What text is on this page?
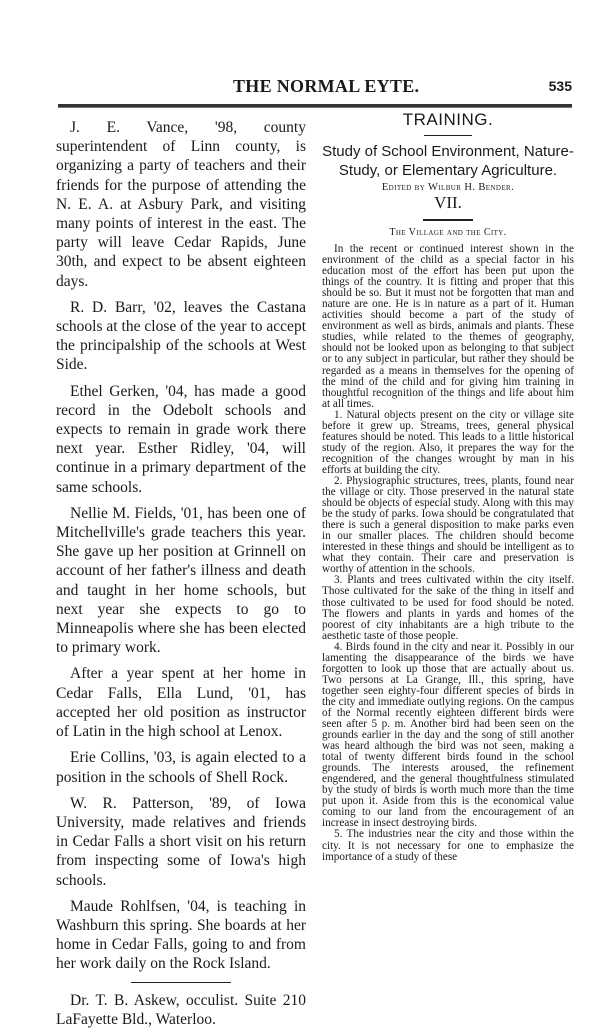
THE NORMAL EYTE.	535

J. E. Vance, '98, county superintendent of Linn county, is organizing a party of teachers and their friends for the purpose of attending the N. E. A. at Asbury Park, and visiting many points of interest in the east. The party will leave Cedar Rapids, June 30th, and expect to be absent eighteen days.

R. D. Barr, '02, leaves the Castana schools at the close of the year to accept the principalship of the schools at West Side.

Ethel Gerken, '04, has made a good record in the Odebolt schools and expects to remain in grade work there next year. Esther Ridley, '04, will continue in a primary department of the same schools.

Nellie M. Fields, '01, has been one of Mitchellville's grade teachers this year. She gave up her position at Grinnell on account of her father's illness and death and taught in her home schools, but next year she expects to go to Minneapolis where she has been elected to primary work.

After a year spent at her home in Cedar Falls, Ella Lund, '01, has accepted her old position as instructor of Latin in the high school at Lenox.

Erie Collins, '03, is again elected to a position in the schools of Shell Rock.

W. R. Patterson, '89, of Iowa University, made relatives and friends in Cedar Falls a short visit on his return from inspecting some of Iowa's high schools.

Maude Rohlfsen, '04, is teaching in Washburn this spring. She boards at her home in Cedar Falls, going to and from her work daily on the Rock Island.

Dr. T. B. Askew, occulist. Suite 210 LaFayette Bld., Waterloo.

TRAINING.
Study of School Environment, Nature-Study, or Elementary Agriculture.
Edited by Wilbur H. Bender.
VII.
The Village and the City.

In the recent or continued interest shown in the environment of the child as a special factor in his education most of the effort has been put upon the things of the country. It is fitting and proper that this should be so. But it must not be forgotten that man and nature are one. He is in nature as a part of it. Human activities should become a part of the study of environment as well as birds, animals and plants. These studies, while related to the themes of geography, should not be looked upon as belonging to that subject or to any subject in particular, but rather they should be regarded as a means in themselves for the opening of the mind of the child and for giving him training in thoughtful recognition of the things and life about him at all times.

1. Natural objects present on the city or village site before it grew up. Streams, trees, general physical features should be noted. This leads to a little historical study of the region. Also, it prepares the way for the recognition of the changes wrought by man in his efforts at building the city.

2. Physiographic structures, trees, plants, found near the village or city. Those preserved in the natural state should be objects of especial study. Along with this may be the study of parks. Iowa should be congratulated that there is such a general disposition to make parks even in our smaller places. The children should become interested in these things and should be intelligent as to what they contain. Their care and preservation is worthy of attention in the schools.

3. Plants and trees cultivated within the city itself. Those cultivated for the sake of the thing in itself and those cultivated to be used for food should be noted. The flowers and plants in yards and homes of the poorest of city inhabitants are a high tribute to the aesthetic taste of those people.

4. Birds found in the city and near it. Possibly in our lamenting the disappearance of the birds we have forgotten to look up those that are actually about us. Two persons at La Grange, Ill., this spring, have together seen eighty-four different species of birds in the city and immediate outlying regions. On the campus of the Normal recently eighteen different birds were seen after 5 p. m. Another bird had been seen on the grounds earlier in the day and the song of still another was heard although the bird was not seen, making a total of twenty different birds found in the school grounds. The interests aroused, the refinement engendered, and the general thoughtfulness stimulated by the study of birds is worth much more than the time put upon it. Aside from this is the economical value coming to our land from the encouragement of an increase in insect destroying birds.

5. The industries near the city and those within the city. It is not necessary for one to emphasize the importance of a study of these
